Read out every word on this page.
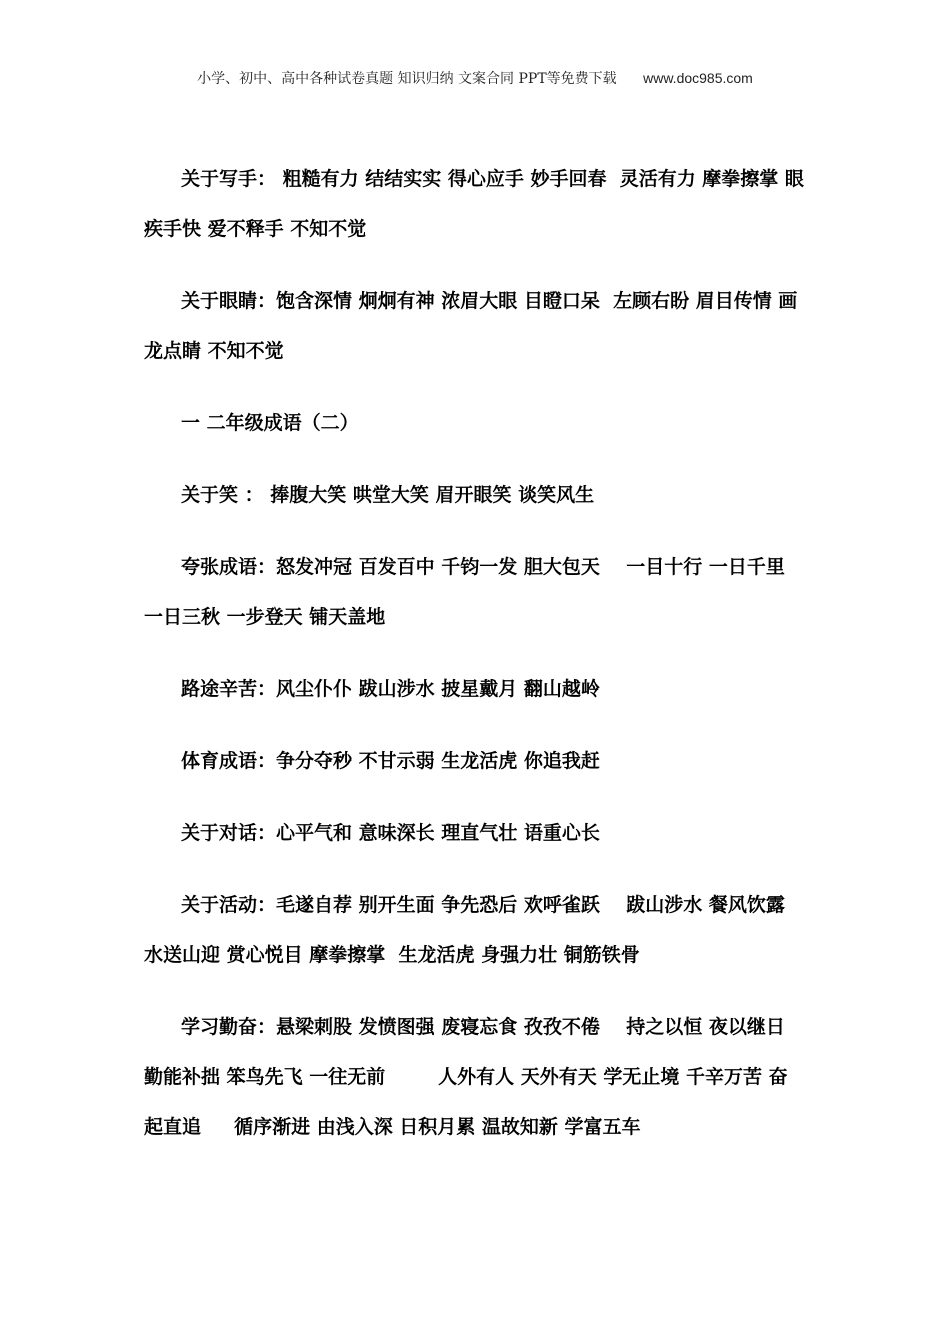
小学、初中、高中各种试卷真题 知识归纳 文案合同 PPT等免费下载 www.doc985.com

关于写手： 粗糙有力 结结实实 得心应手 妙手回春  灵活有力 摩拳擦掌 眼疾手快 爱不释手 不知不觉

关于眼睛：饱含深情 炯炯有神 浓眉大眼 目瞪口呆  左顾右盼 眉目传情 画龙点睛 不知不觉

一 二年级成语（二）

关于笑 ： 捧腹大笑 哄堂大笑 眉开眼笑 谈笑风生

夸张成语：怒发冲冠 百发百中 千钧一发 胆大包天    一目十行 一日千里 一日三秋 一步登天 铺天盖地

路途辛苦：风尘仆仆 跋山涉水 披星戴月 翻山越岭

体育成语：争分夺秒 不甘示弱 生龙活虎 你追我赶

关于对话：心平气和 意味深长 理直气壮 语重心长

关于活动：毛遂自荐 别开生面 争先恐后 欢呼雀跃    跋山涉水 餐风饮露 水送山迎 赏心悦目 摩拳擦掌  生龙活虎 身强力壮 铜筋铁骨

学习勤奋：悬梁刺股 发愤图强 废寝忘食 孜孜不倦    持之以恒 夜以继日 勤能补拙 笨鸟先飞 一往无前        人外有人 天外有天 学无止境 千辛万苦 奋起直追     循序渐进 由浅入深 日积月累 温故知新 学富五车
